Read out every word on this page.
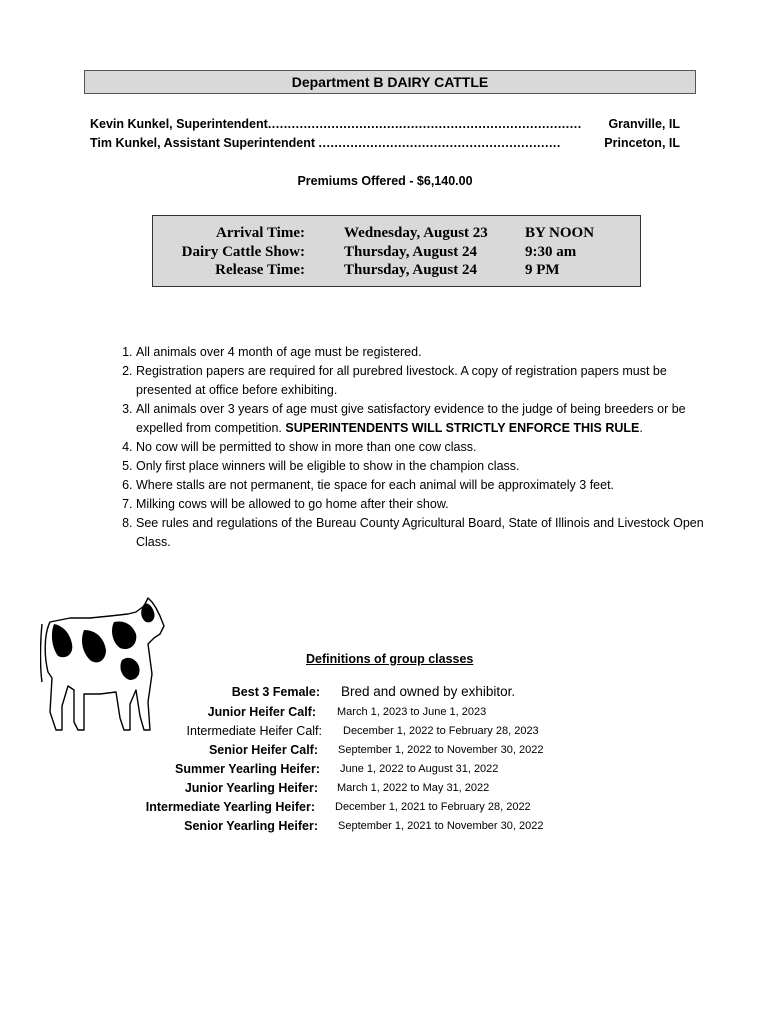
Department B DAIRY CATTLE
Kevin Kunkel, Superintendent............................................................................... Granville, IL
Tim Kunkel, Assistant Superintendent .............................................................	Princeton, IL
Premiums Offered - $6,140.00
Arrival Time:
Dairy Cattle Show:
Release Time:
Wednesday, August 23
Thursday, August 24
Thursday, August 24
BY NOON
9:30 am
9 PM
1. All animals over 4 month of age must be registered.
2. Registration papers are required for all purebred livestock. A copy of registration papers must be presented at office before exhibiting.
3. All animals over 3 years of age must give satisfactory evidence to the judge of being breeders or be expelled from competition. SUPERINTENDENTS WILL STRICTLY ENFORCE THIS RULE.
4. No cow will be permitted to show in more than one cow class.
5. Only first place winners will be eligible to show in the champion class.
6. Where stalls are not permanent, tie space for each animal will be approximately 3 feet.
7. Milking cows will be allowed to go home after their show.
8. See rules and regulations of the Bureau County Agricultural Board, State of Illinois and Livestock Open Class.
Definitions of group classes
Best 3 Female: Bred and owned by exhibitor.
Junior Heifer Calf: March 1, 2023 to June 1, 2023
Intermediate Heifer Calf: December 1, 2022 to February 28, 2023
Senior Heifer Calf: September 1, 2022 to November 30, 2022
Summer Yearling Heifer: June 1, 2022 to August 31, 2022
Junior Yearling Heifer: March 1, 2022 to May 31, 2022
Intermediate Yearling Heifer: December 1, 2021 to February 28, 2022
Senior Yearling Heifer: September 1, 2021 to November 30, 2022
